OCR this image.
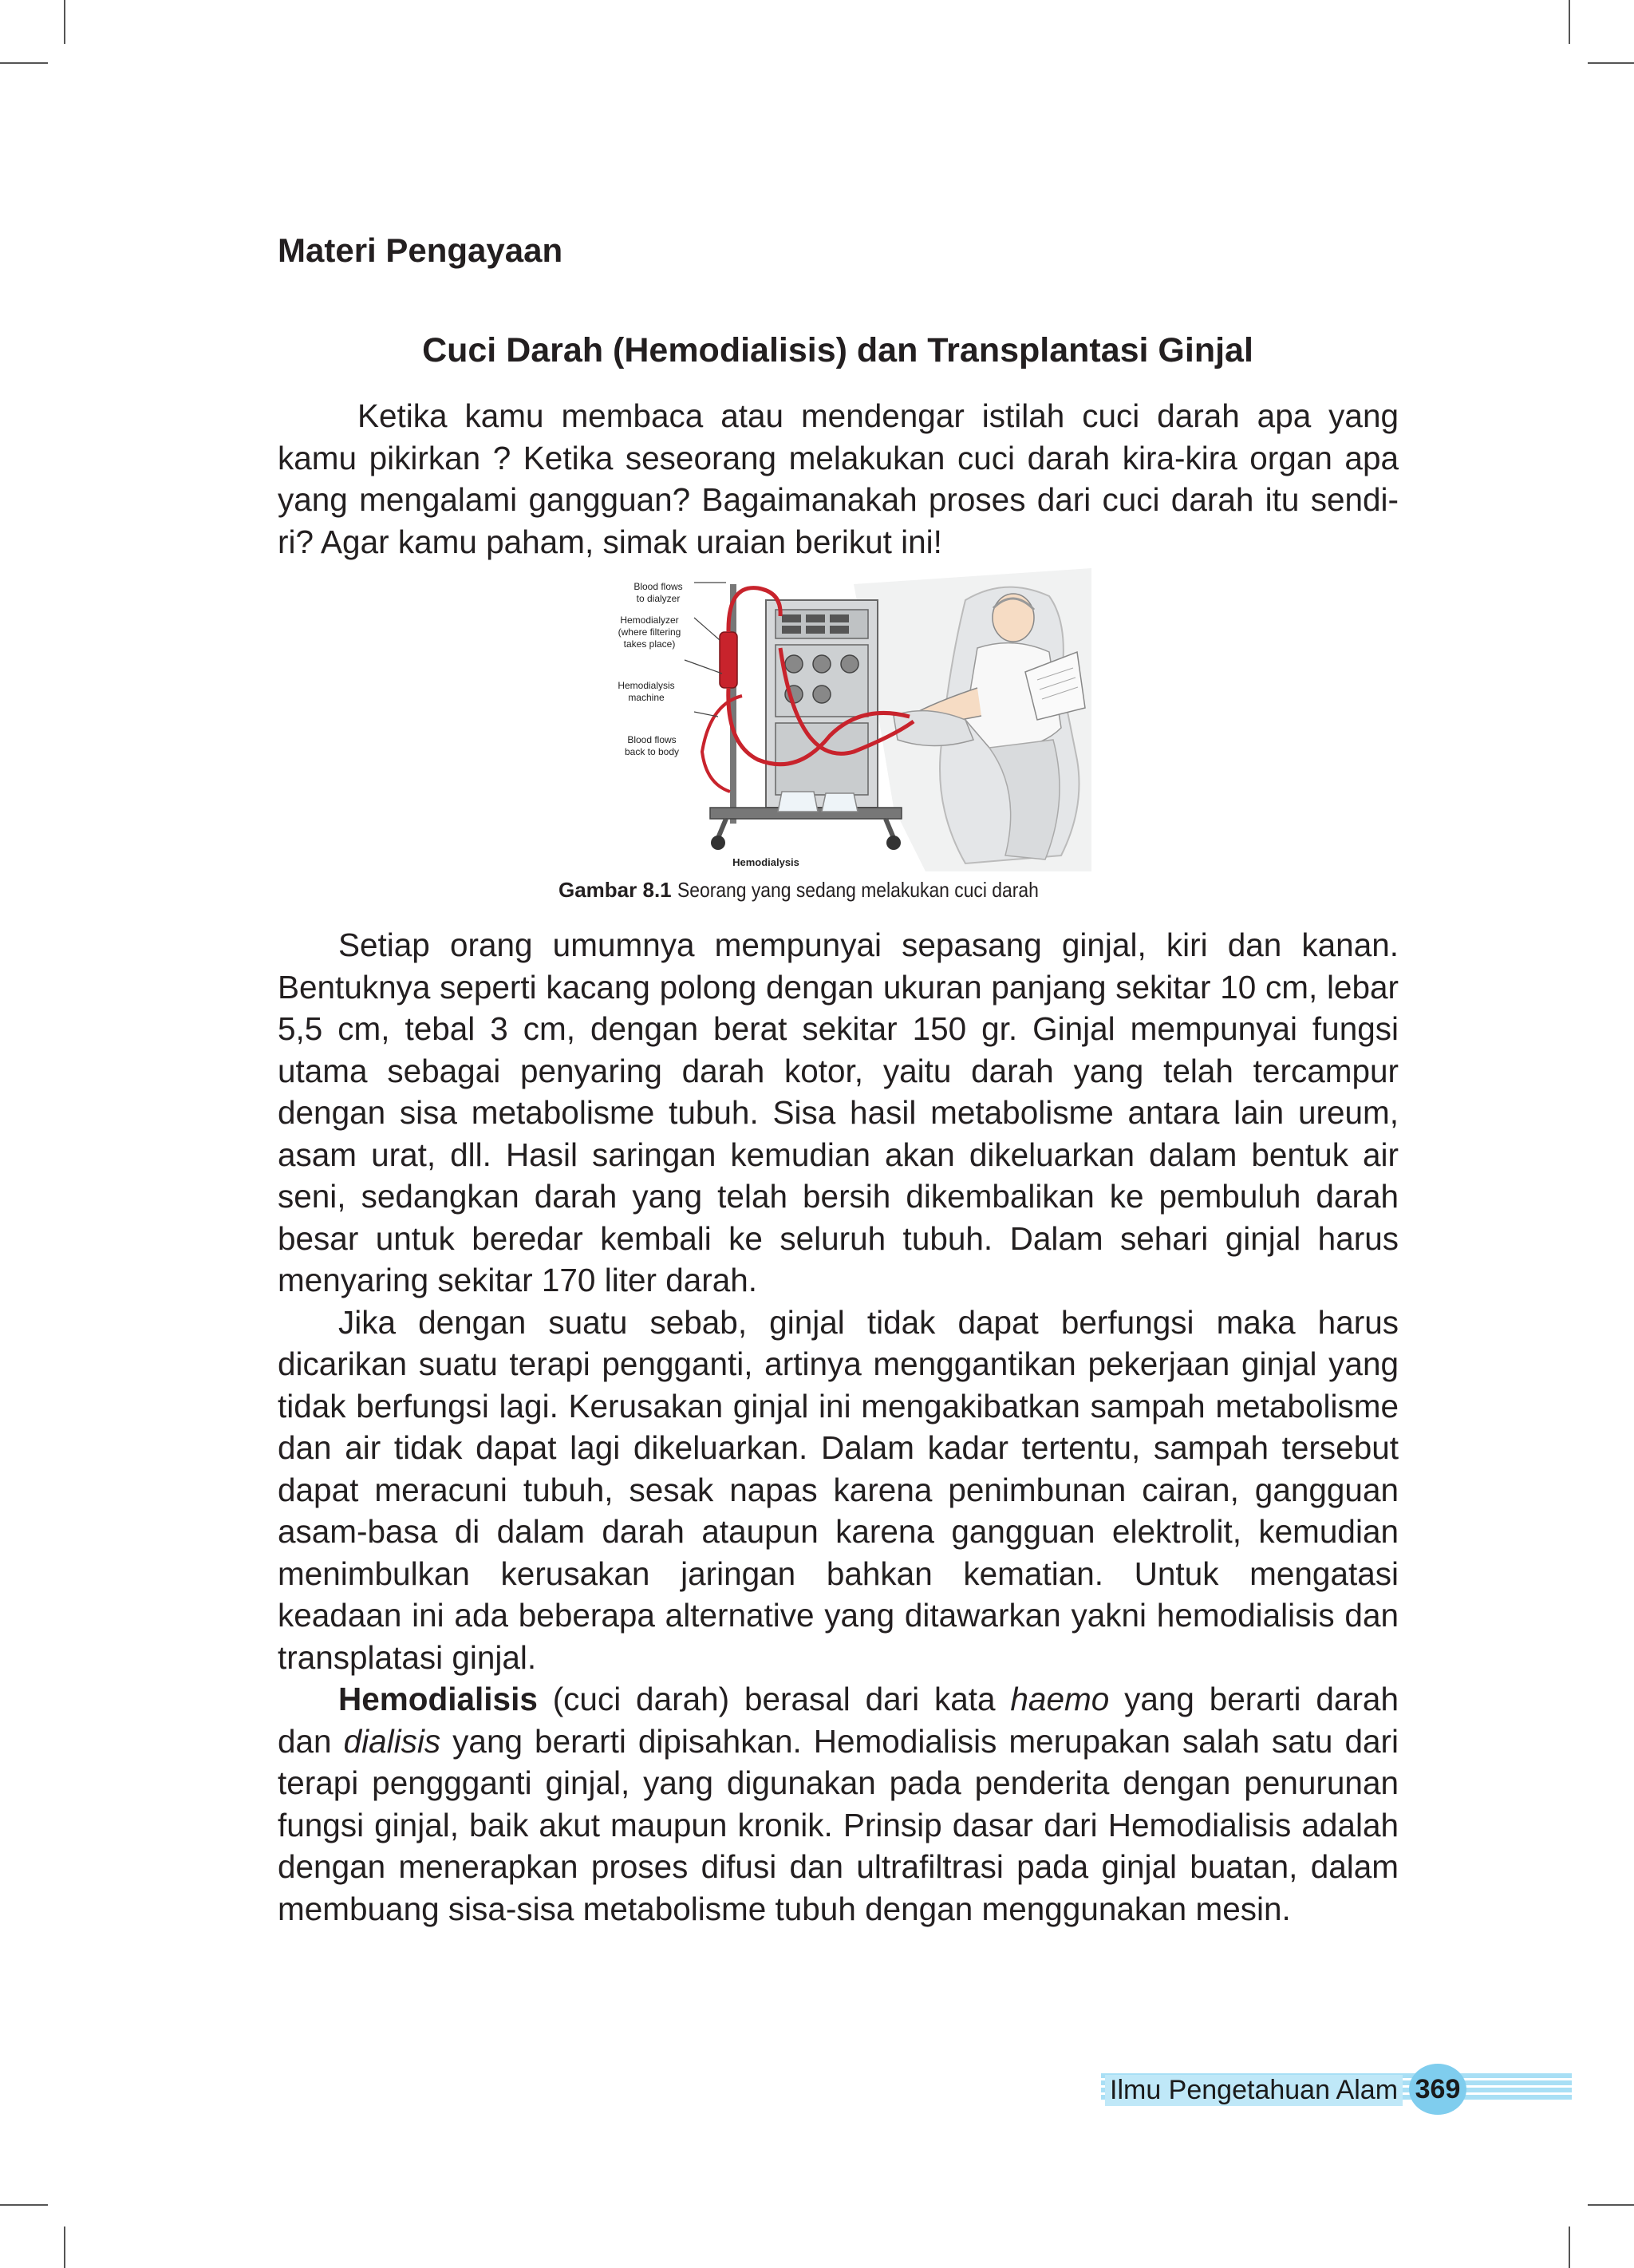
Materi Pengayaan
Cuci Darah (Hemodialisis) dan Transplantasi Ginjal

Ketika kamu membaca atau mendengar istilah cuci darah apa yang kamu pikirkan ? Ketika seseorang melakukan cuci darah kira-kira organ apa yang mengalami gangguan? Bagaimanakah proses dari cuci darah itu sendi-ri? Agar kamu paham, simak uraian berikut ini!

Blood flows
to dialyzer
Hemodialyzer
(where filtering
takes place)
Hemodialysis
machine
Blood flows
back to body
Hemodialysis
Gambar 8.1 Seorang yang sedang melakukan cuci darah

Setiap orang umumnya mempunyai sepasang ginjal, kiri dan kanan. Bentuknya seperti kacang polong dengan ukuran panjang sekitar 10 cm, lebar 5,5 cm, tebal 3 cm, dengan berat sekitar 150 gr. Ginjal mempunyai fungsi utama sebagai penyaring darah kotor, yaitu darah yang telah tercampur dengan sisa metabolisme tubuh. Sisa hasil metabolisme antara lain ureum, asam urat, dll. Hasil saringan kemudian akan dikeluarkan dalam bentuk air seni, sedangkan darah yang telah bersih dikembalikan ke pembuluh darah besar untuk beredar kembali ke seluruh tubuh. Dalam sehari ginjal harus menyaring sekitar 170 liter darah.

Jika dengan suatu sebab, ginjal tidak dapat berfungsi maka harus dicarikan suatu terapi pengganti, artinya menggantikan pekerjaan ginjal yang tidak berfungsi lagi. Kerusakan ginjal ini mengakibatkan sampah metabolisme dan air tidak dapat lagi dikeluarkan. Dalam kadar tertentu, sampah tersebut dapat meracuni tubuh, sesak napas karena penimbunan cairan, gangguan asam-basa di dalam darah ataupun karena gangguan elektrolit, kemudian menimbulkan kerusakan jaringan bahkan kematian. Untuk mengatasi keadaan ini ada beberapa alternative yang ditawarkan yakni hemodialisis dan transplatasi ginjal.

Hemodialisis (cuci darah) berasal dari kata haemo yang berarti darah dan dialisis yang berarti dipisahkan. Hemodialisis merupakan salah satu dari terapi penggganti ginjal, yang digunakan pada penderita dengan penurunan fungsi ginjal, baik akut maupun kronik. Prinsip dasar dari Hemodialisis adalah dengan menerapkan proses difusi dan ultrafiltrasi pada ginjal buatan, dalam membuang sisa-sisa metabolisme tubuh dengan menggunakan mesin.

Ilmu Pengetahuan Alam 369
